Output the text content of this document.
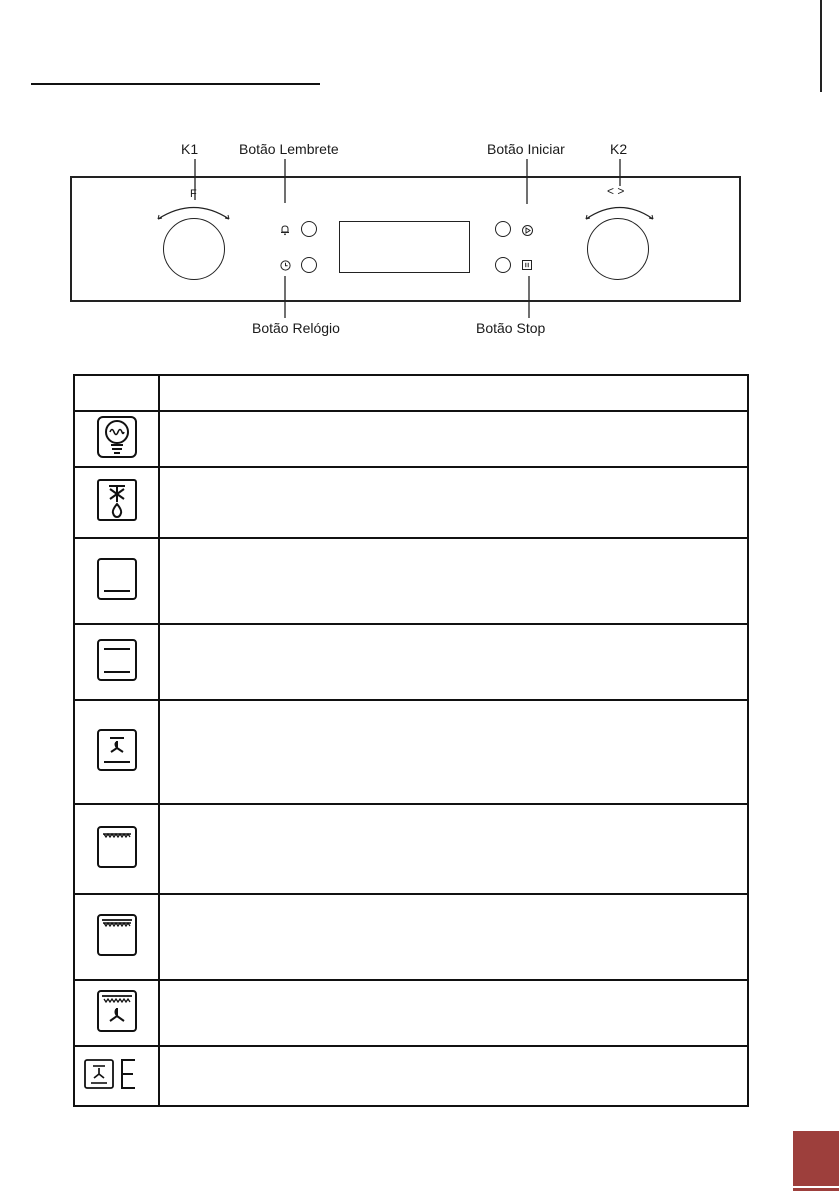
K1	Botão Lembrete	Botão Iniciar	K2
Botão Relógio	Botão Stop
F	< >
